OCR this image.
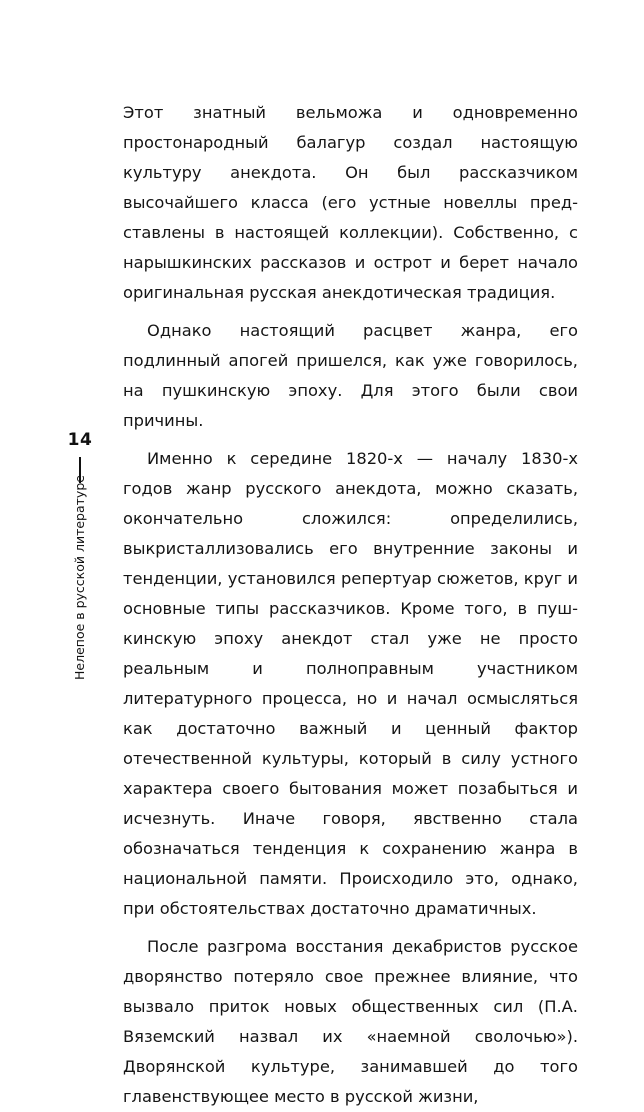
14
Нелепое в русской литературе

Этот знатный вельможа и одновременно простонародный балагур создал настоящую культуру анекдота. Он был рассказчиком высочайшего класса (его устные новеллы представлены в настоящей коллекции). Собственно, с нарышкинских рассказов и острот и берет начало оригинальная русская анекдотическая традиция.

Однако настоящий расцвет жанра, его подлинный апогей пришелся, как уже говорилось, на пушкинскую эпоху. Для этого были свои причины.

Именно к середине 1820-х — началу 1830-х годов жанр русского анекдота, можно сказать, окончательно сложился: определились, выкристаллизовались его внутренние законы и тенденции, установился репертуар сюжетов, круг и основные типы рассказчиков. Кроме того, в пушкинскую эпоху анекдот стал уже не просто реальным и полноправным участником литературного процесса, но и начал осмысляться как достаточно важный и ценный фактор отечественной культуры, который в силу устного характера своего бытования может позабыться и исчезнуть. Иначе говоря, явственно стала обозначаться тенденция к сохранению жанра в национальной памяти. Происходило это, однако, при обстоятельствах достаточно драматичных.

После разгрома восстания декабристов русское дворянство потеряло свое прежнее влияние, что вызвало приток новых общественных сил (П.А. Вяземский назвал их «наемной сволочью»). Дворянской культуре, занимавшей до того главенствующее место в русской жизни,
